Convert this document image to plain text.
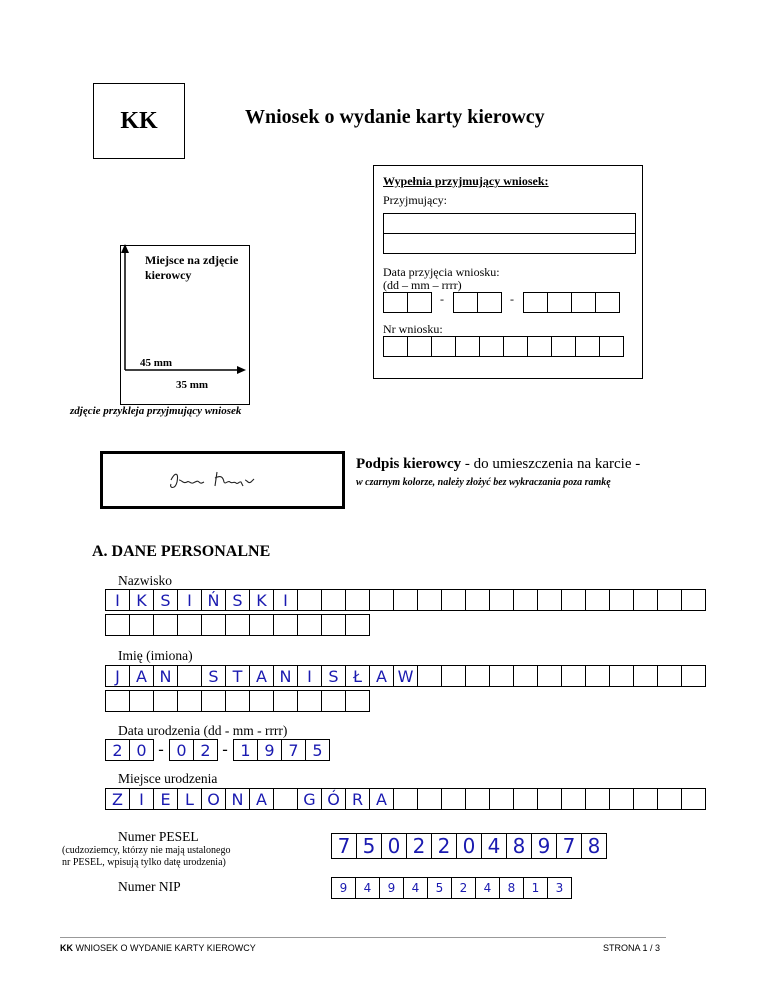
KK	Wniosek o wydanie karty kierowcy
Wypełnia przyjmujący wniosek:
Przyjmujący:
Data przyjęcia wniosku:
(dd – mm – rrrr)
-	-
Nr wniosku:
Miejsce na zdjęcie kierowcy
45 mm
35 mm
zdjęcie przykleja przyjmujący wniosek
Podpis kierowcy - do umieszczenia na karcie -
w czarnym kolorze, należy złożyć bez wykraczania poza ramkę
A. DANE PERSONALNE
Nazwisko
I	K S	I Ń S K	I
Imię (imiona)
J	A N	S T A N I	S Ł A W
Data urodzenia (dd - mm - rrrr)
2 0 - 0 2 - 1 9 7 5
Miejsce urodzenia
Z	I	E L O N A	G Ó R A
Numer PESEL
(cudzoziemcy, którzy nie mają ustalonego
nr PESEL, wpisują tylko datę urodzenia)
7 5 0 2 2 0 4 8 9 7 8
Numer NIP	9	4	9	4	5	2	4	8	1	3
KK WNIOSEK O WYDANIE KARTY KIEROWCY	STRONA 1 / 3
